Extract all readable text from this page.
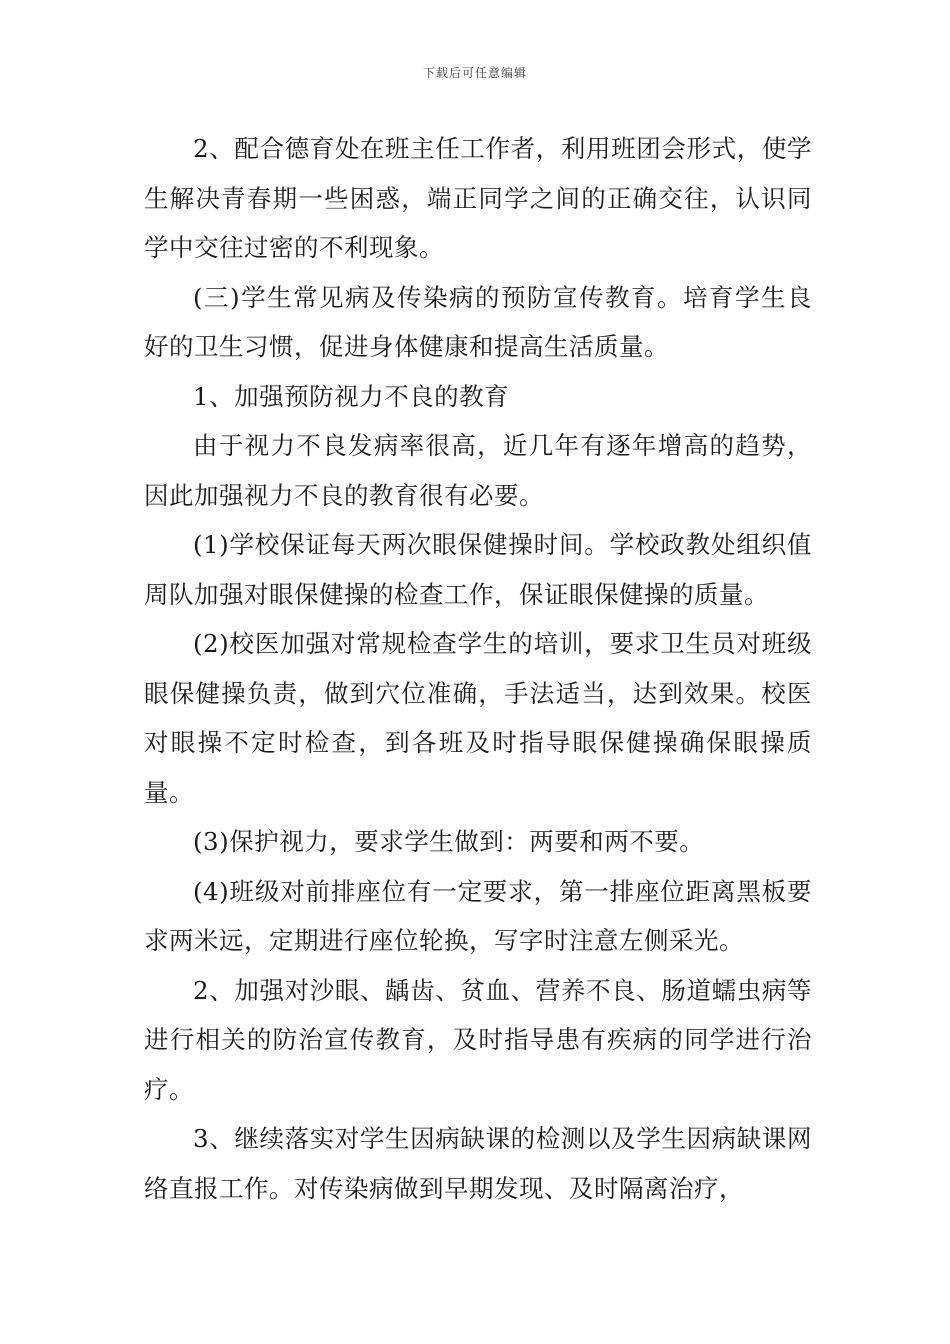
下载后可任意编辑

2、配合德育处在班主任工作者，利用班团会形式，使学生解决青春期一些困惑，端正同学之间的正确交往，认识同学中交往过密的不利现象。

(三)学生常见病及传染病的预防宣传教育。培育学生良好的卫生习惯，促进身体健康和提高生活质量。

1、加强预防视力不良的教育

由于视力不良发病率很高，近几年有逐年增高的趋势，因此加强视力不良的教育很有必要。

(1)学校保证每天两次眼保健操时间。学校政教处组织值周队加强对眼保健操的检查工作，保证眼保健操的质量。

(2)校医加强对常规检查学生的培训，要求卫生员对班级眼保健操负责，做到穴位准确，手法适当，达到效果。校医对眼操不定时检查，到各班及时指导眼保健操确保眼操质量。

(3)保护视力，要求学生做到：两要和两不要。

(4)班级对前排座位有一定要求，第一排座位距离黑板要求两米远，定期进行座位轮换，写字时注意左侧采光。

2、加强对沙眼、龋齿、贫血、营养不良、肠道蠕虫病等进行相关的防治宣传教育，及时指导患有疾病的同学进行治疗。

3、继续落实对学生因病缺课的检测以及学生因病缺课网络直报工作。对传染病做到早期发现、及时隔离治疗，
